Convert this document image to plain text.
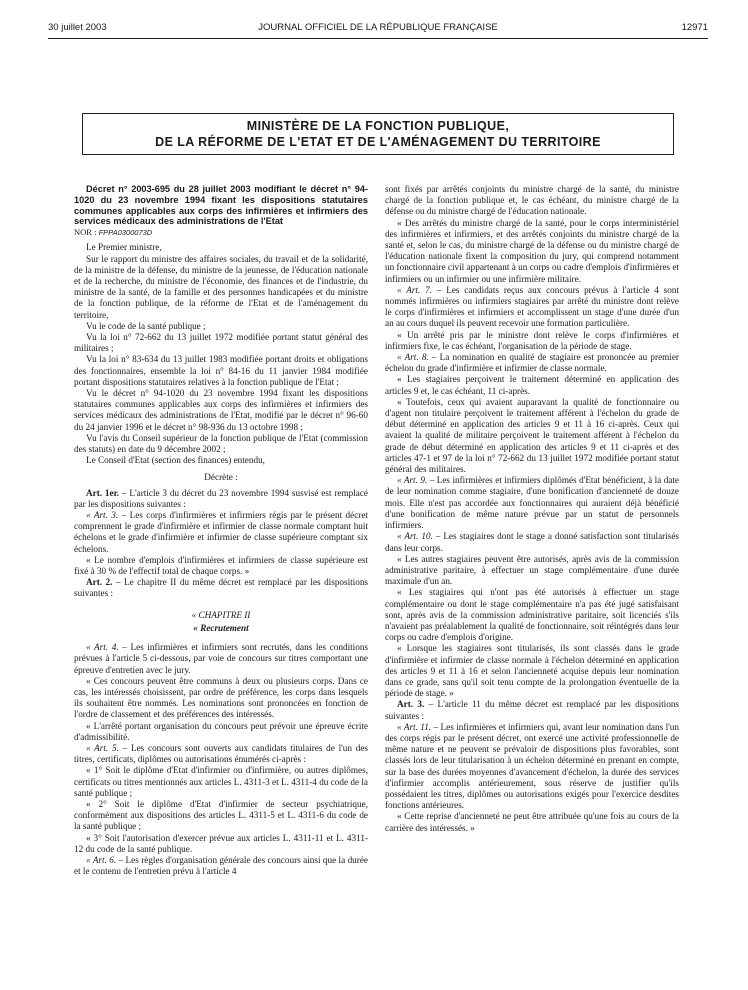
30 juillet 2003	JOURNAL OFFICIEL DE LA RÉPUBLIQUE FRANÇAISE	12971
MINISTÈRE DE LA FONCTION PUBLIQUE,
DE LA RÉFORME DE L'ETAT ET DE L'AMÉNAGEMENT DU TERRITOIRE

Décret n° 2003-695 du 28 juillet 2003 modifiant le décret n° 94-1020 du 23 novembre 1994 fixant les dispositions statutaires communes applicables aux corps des infirmières et infirmiers des services médicaux des administrations de l'Etat

NOR : FPPA0300073D

Le Premier ministre,

Sur le rapport du ministre des affaires sociales, du travail et de la solidarité, de la ministre de la défense, du ministre de la jeunesse, de l'éducation nationale et de la recherche, du ministre de l'économie, des finances et de l'industrie, du ministre de la santé, de la famille et des personnes handicapées et du ministre de la fonction publique, de la réforme de l'Etat et de l'aménagement du territoire,

Vu le code de la santé publique ;

Vu la loi n° 72-662 du 13 juillet 1972 modifiée portant statut général des militaires ;

Vu la loi n° 83-634 du 13 juillet 1983 modifiée portant droits et obligations des fonctionnaires, ensemble la loi n° 84-16 du 11 janvier 1984 modifiée portant dispositions statutaires relatives à la fonction publique de l'Etat ;

Vu le décret n° 94-1020 du 23 novembre 1994 fixant les dispositions statutaires communes applicables aux corps des infirmières et infirmiers des services médicaux des administrations de l'Etat, modifié par le décret n° 96-60 du 24 janvier 1996 et le décret n° 98-936 du 13 octobre 1998 ;

Vu l'avis du Conseil supérieur de la fonction publique de l'Etat (commission des statuts) en date du 9 décembre 2002 ;

Le Conseil d'Etat (section des finances) entendu,

Décrète :

Art. 1er. – L'article 3 du décret du 23 novembre 1994 susvisé est remplacé par les dispositions suivantes :

« Art. 3. – Les corps d'infirmières et infirmiers régis par le présent décret comprennent le grade d'infirmière et infirmier de classe normale comptant huit échelons et le grade d'infirmière et infirmier de classe supérieure comptant six échelons.

« Le nombre d'emplois d'infirmières et infirmiers de classe supérieure est fixé à 30 % de l'effectif total de chaque corps. »

Art. 2. – Le chapitre II du même décret est remplacé par les dispositions suivantes :

« CHAPITRE II

« Recrutement

« Art. 4. – Les infirmières et infirmiers sont recrutés, dans les conditions prévues à l'article 5 ci-dessous, par voie de concours sur titres comportant une épreuve d'entretien avec le jury.

« Ces concours peuvent être communs à deux ou plusieurs corps. Dans ce cas, les intéressés choisissent, par ordre de préférence, les corps dans lesquels ils souhaitent être nommés. Les nominations sont prononcées en fonction de l'ordre de classement et des préférences des intéressés.

« L'arrêté portant organisation du concours peut prévoir une épreuve écrite d'admissibilité.

« Art. 5. – Les concours sont ouverts aux candidats titulaires de l'un des titres, certificats, diplômes ou autorisations énumérés ci-après :

« 1° Soit le diplôme d'Etat d'infirmier ou d'infirmière, ou autres diplômes, certificats ou titres mentionnés aux articles L. 4311-3 et L. 4311-4 du code de la santé publique ;

« 2° Soit le diplôme d'Etat d'infirmier de secteur psychiatrique, conformément aux dispositions des articles L. 4311-5 et L. 4311-6 du code de la santé publique ;

« 3° Soit l'autorisation d'exercer prévue aux articles L. 4311-11 et L. 4311-12 du code de la santé publique.

« Art. 6. – Les règles d'organisation générale des concours ainsi que la durée et le contenu de l'entretien prévu à l'article 4

sont fixés par arrêtés conjoints du ministre chargé de la santé, du ministre chargé de la fonction publique et, le cas échéant, du ministre chargé de la défense ou du ministre chargé de l'éducation nationale.

« Des arrêtés du ministre chargé de la santé, pour le corps interministériel des infirmières et infirmiers, et des arrêtés conjoints du ministre chargé de la santé et, selon le cas, du ministre chargé de la défense ou du ministre chargé de l'éducation nationale fixent la composition du jury, qui comprend notamment un fonctionnaire civil appartenant à un corps ou cadre d'emplois d'infirmières et infirmiers ou un infirmier ou une infirmière militaire.

« Art. 7. – Les candidats reçus aux concours prévus à l'article 4 sont nommés infirmières ou infirmiers stagiaires par arrêté du ministre dont relève le corps d'infirmières et infirmiers et accomplissent un stage d'une durée d'un an au cours duquel ils peuvent recevoir une formation particulière.

« Un arrêté pris par le ministre dont relève le corps d'infirmières et infirmiers fixe, le cas échéant, l'organisation de la période de stage.

« Art. 8. – La nomination en qualité de stagiaire est prononcée au premier échelon du grade d'infirmière et infirmier de classe normale.

« Les stagiaires perçoivent le traitement déterminé en application des articles 9 et, le cas échéant, 11 ci-après.

« Toutefois, ceux qui avaient auparavant la qualité de fonctionnaire ou d'agent non titulaire perçoivent le traitement afférent à l'échelon du grade de début déterminé en application des articles 9 et 11 à 16 ci-après. Ceux qui avaient la qualité de militaire perçoivent le traitement afférent à l'échelon du grade de début déterminé en application des articles 9 et 11 ci-après et des articles 47-1 et 97 de la loi n° 72-662 du 13 juillet 1972 modifiée portant statut général des militaires.

« Art. 9. – Les infirmières et infirmiers diplômés d'Etat bénéficient, à la date de leur nomination comme stagiaire, d'une bonification d'ancienneté de douze mois. Elle n'est pas accordée aux fonctionnaires qui auraient déjà bénéficié d'une bonification de même nature prévue par un statut de personnels infirmiers.

« Art. 10. – Les stagiaires dont le stage a donné satisfaction sont titularisés dans leur corps.

« Les autres stagiaires peuvent être autorisés, après avis de la commission administrative paritaire, à effectuer un stage complémentaire d'une durée maximale d'un an.

« Les stagiaires qui n'ont pas été autorisés à effectuer un stage complémentaire ou dont le stage complémentaire n'a pas été jugé satisfaisant sont, après avis de la commission administrative paritaire, soit licenciés s'ils n'avaient pas préalablement la qualité de fonctionnaire, soit réintégrés dans leur corps ou cadre d'emplois d'origine.

« Lorsque les stagiaires sont titularisés, ils sont classés dans le grade d'infirmière et infirmier de classe normale à l'échelon déterminé en application des articles 9 et 11 à 16 et selon l'ancienneté acquise depuis leur nomination dans ce grade, sans qu'il soit tenu compte de la prolongation éventuelle de la période de stage. »

Art. 3. – L'article 11 du même décret est remplacé par les dispositions suivantes :

« Art. 11. – Les infirmières et infirmiers qui, avant leur nomination dans l'un des corps régis par le présent décret, ont exercé une activité professionnelle de même nature et ne peuvent se prévaloir de dispositions plus favorables, sont classés lors de leur titularisation à un échelon déterminé en prenant en compte, sur la base des durées moyennes d'avancement d'échelon, la durée des services d'infirmier accomplis antérieurement, sous réserve de justifier qu'ils possédaient les titres, diplômes ou autorisations exigés pour l'exercice desdites fonctions antérieures.

« Cette reprise d'ancienneté ne peut être attribuée qu'une fois au cours de la carrière des intéressés. »
